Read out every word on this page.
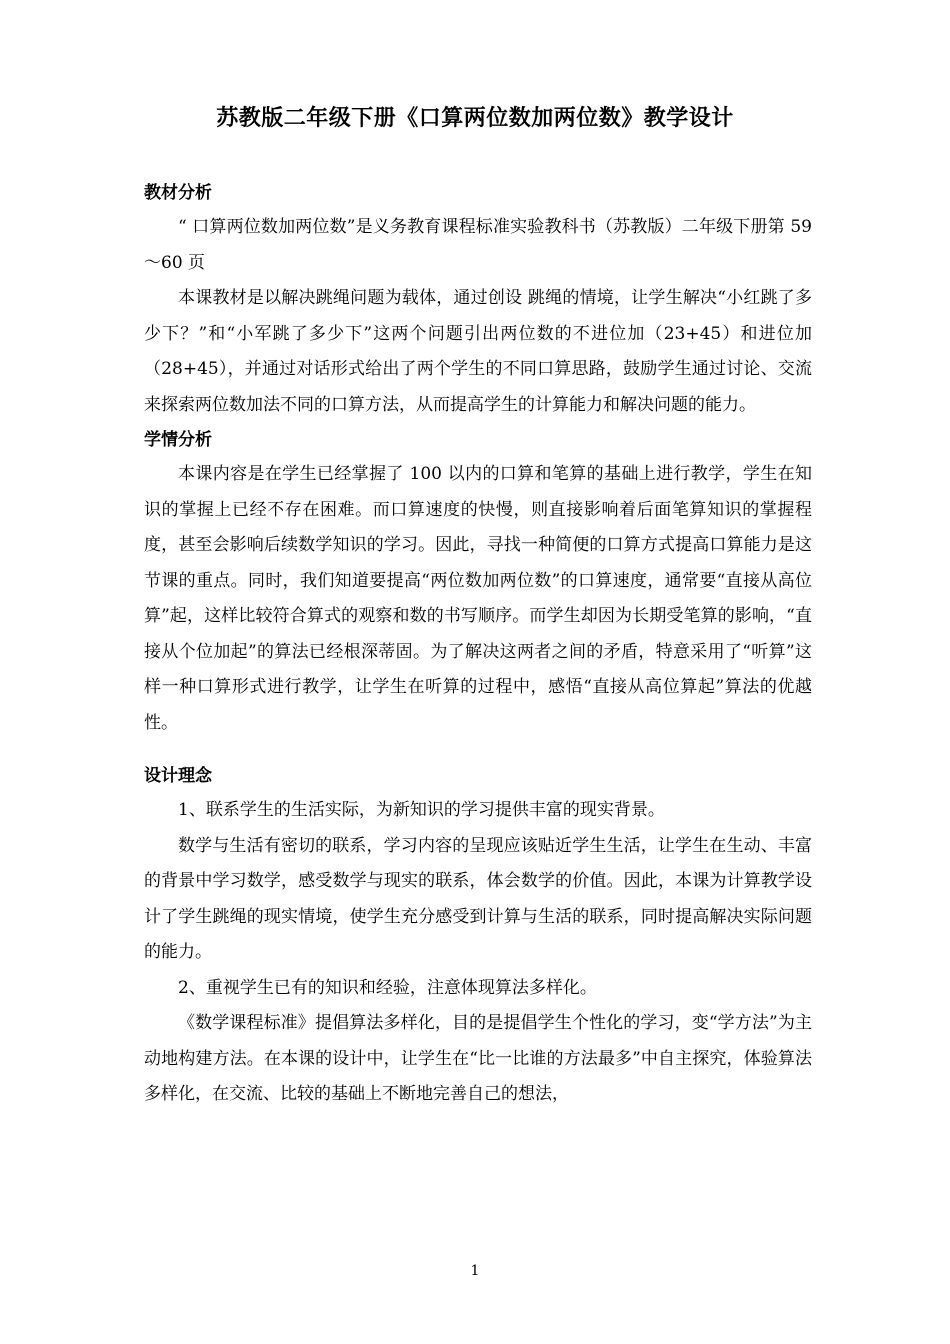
苏教版二年级下册《口算两位数加两位数》教学设计
教材分析

“ 口算两位数加两位数”是义务教育课程标准实验教科书（苏教版）二年级下册第 59～60 页

本课教材是以解决跳绳问题为载体，通过创设 跳绳的情境，让学生解决“小红跳了多少下？”和“小军跳了多少下”这两个问题引出两位数的不进位加（23+45）和进位加（28+45），并通过对话形式给出了两个学生的不同口算思路，鼓励学生通过讨论、交流来探索两位数加法不同的口算方法，从而提高学生的计算能力和解决问题的能力。

学情分析

本课内容是在学生已经掌握了 100 以内的口算和笔算的基础上进行教学，学生在知识的掌握上已经不存在困难。而口算速度的快慢，则直接影响着后面笔算知识的掌握程度，甚至会影响后续数学知识的学习。因此，寻找一种简便的口算方式提高口算能力是这节课的重点。同时，我们知道要提高“两位数加两位数”的口算速度，通常要“直接从高位算”起，这样比较符合算式的观察和数的书写顺序。而学生却因为长期受笔算的影响，“直接从个位加起”的算法已经根深蒂固。为了解决这两者之间的矛盾，特意采用了“听算”这样一种口算形式进行教学，让学生在听算的过程中，感悟“直接从高位算起”算法的优越性。

设计理念

1、联系学生的生活实际，为新知识的学习提供丰富的现实背景。

数学与生活有密切的联系，学习内容的呈现应该贴近学生生活，让学生在生动、丰富的背景中学习数学，感受数学与现实的联系，体会数学的价值。因此，本课为计算教学设计了学生跳绳的现实情境，使学生充分感受到计算与生活的联系，同时提高解决实际问题的能力。

2、重视学生已有的知识和经验，注意体现算法多样化。

《数学课程标准》提倡算法多样化，目的是提倡学生个性化的学习，变“学方法”为主动地构建方法。在本课的设计中，让学生在“比一比谁的方法最多”中自主探究，体验算法多样化，在交流、比较的基础上不断地完善自己的想法，

1
